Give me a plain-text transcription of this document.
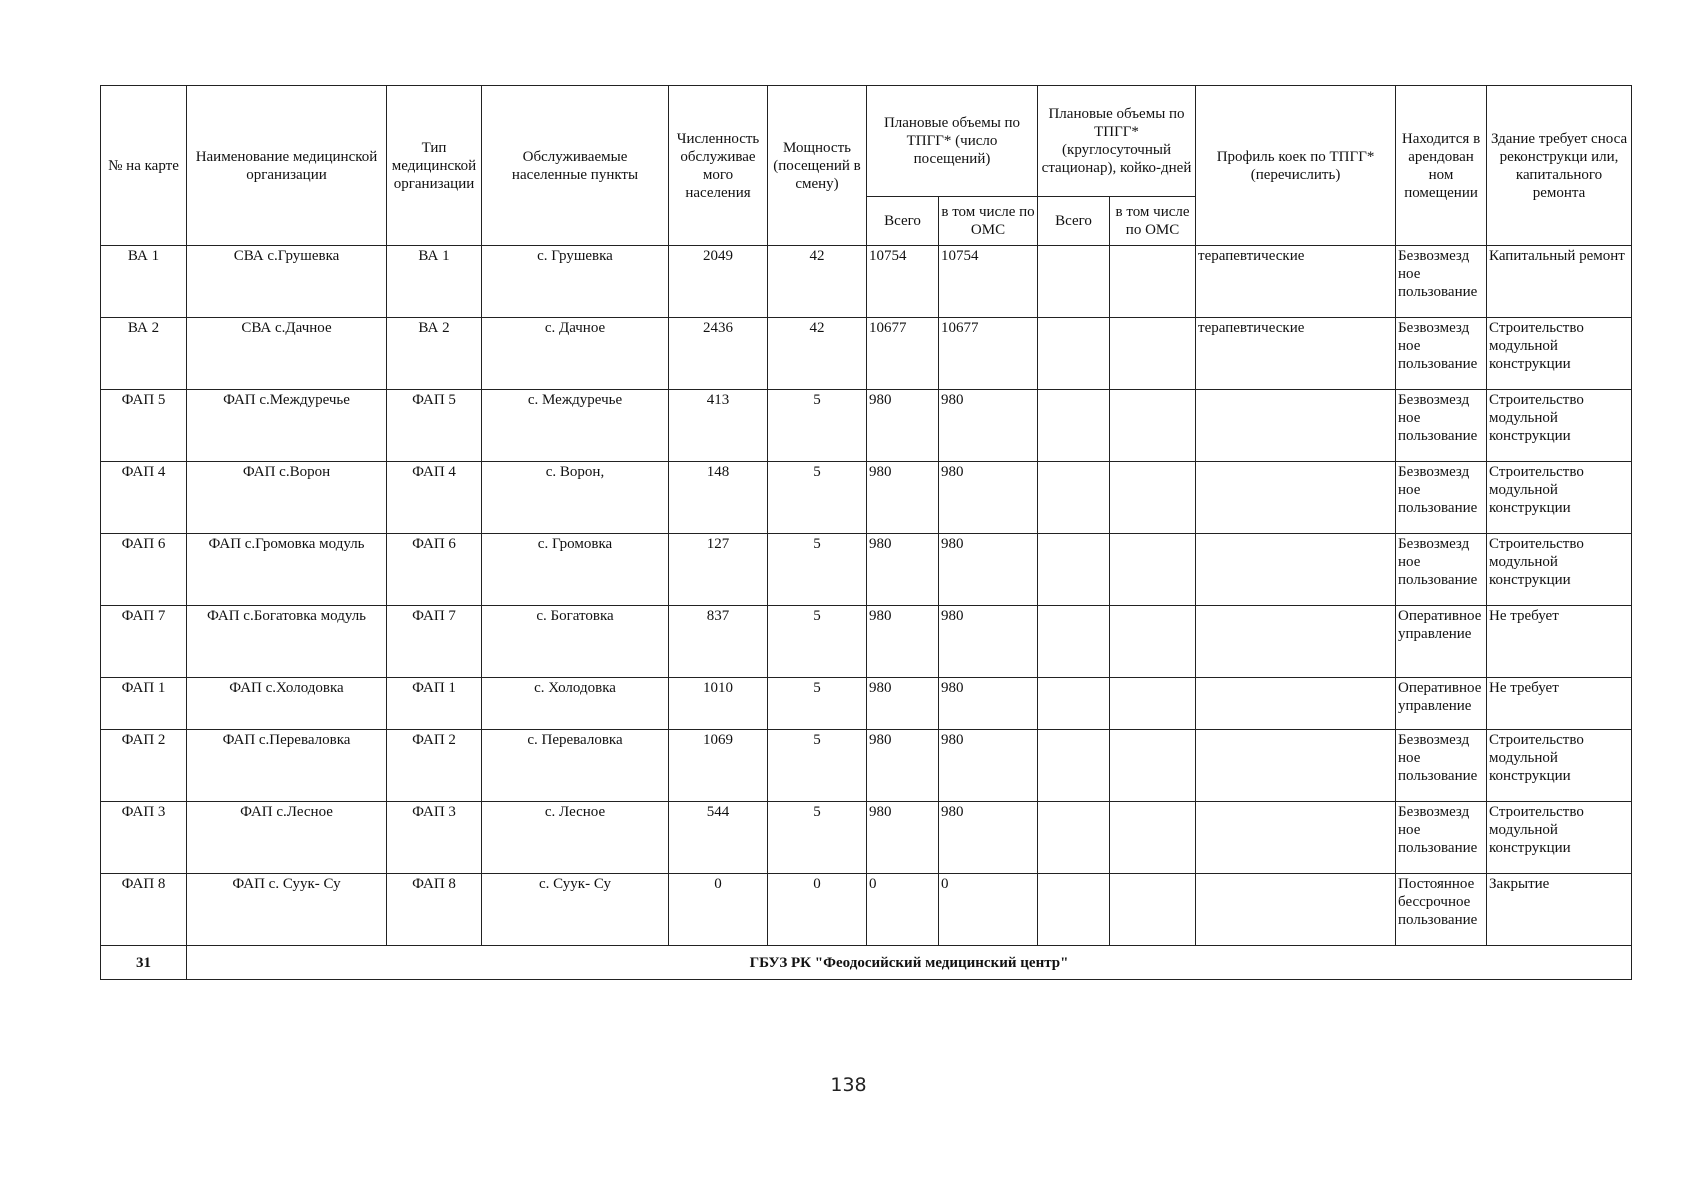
№ на карте	Наименование медицинской организации	Тип медицинской организации	Обслуживаемые населенные пункты	Численность обслуживае мого населения	Мощность (посещений в смену)	Плановые объемы по ТПГГ* (число посещений)		Плановые объемы по ТПГГ* (круглосуточный стационар), койко-дней		Профиль коек по ТПГГ* (перечислить)	Находится в арендован ном помещении	Здание требует сноса реконструкци или, капитального ремонта
						Всего	в том числе по ОМС	Всего	в том числе по ОМС			
ВА 1	СВА с.Грушевка	ВА 1	с. Грушевка	2049	42	10754	10754			терапевтические	Безвозмезд ное пользование	Капитальный ремонт
ВА 2	СВА с.Дачное	ВА 2	с. Дачное	2436	42	10677	10677			терапевтические	Безвозмезд ное пользование	Строительство модульной конструкции
ФАП 5	ФАП с.Междуречье	ФАП 5	с. Междуречье	413	5	980	980				Безвозмезд ное пользование	Строительство модульной конструкции
ФАП 4	ФАП с.Ворон	ФАП 4	с. Ворон,	148	5	980	980				Безвозмезд ное пользование	Строительство модульной конструкции
ФАП 6	ФАП с.Громовка модуль	ФАП 6	с. Громовка	127	5	980	980				Безвозмезд ное пользование	Строительство модульной конструкции
ФАП 7	ФАП с.Богатовка модуль	ФАП 7	с. Богатовка	837	5	980	980				Оперативное управление	Не требует
ФАП 1	ФАП с.Холодовка	ФАП 1	с. Холодовка	1010	5	980	980				Оперативное управление	Не требует
ФАП 2	ФАП с.Переваловка	ФАП 2	с. Переваловка	1069	5	980	980				Безвозмезд ное пользование	Строительство модульной конструкции
ФАП 3	ФАП с.Лесное	ФАП 3	с. Лесное	544	5	980	980				Безвозмезд ное пользование	Строительство модульной конструкции
ФАП 8	ФАП с. Суук- Су	ФАП 8	с. Суук- Су	0	0	0	0				Постоянное бессрочное пользование	Закрытие
31	ГБУЗ РК "Феодосийский медицинский центр"											
138
